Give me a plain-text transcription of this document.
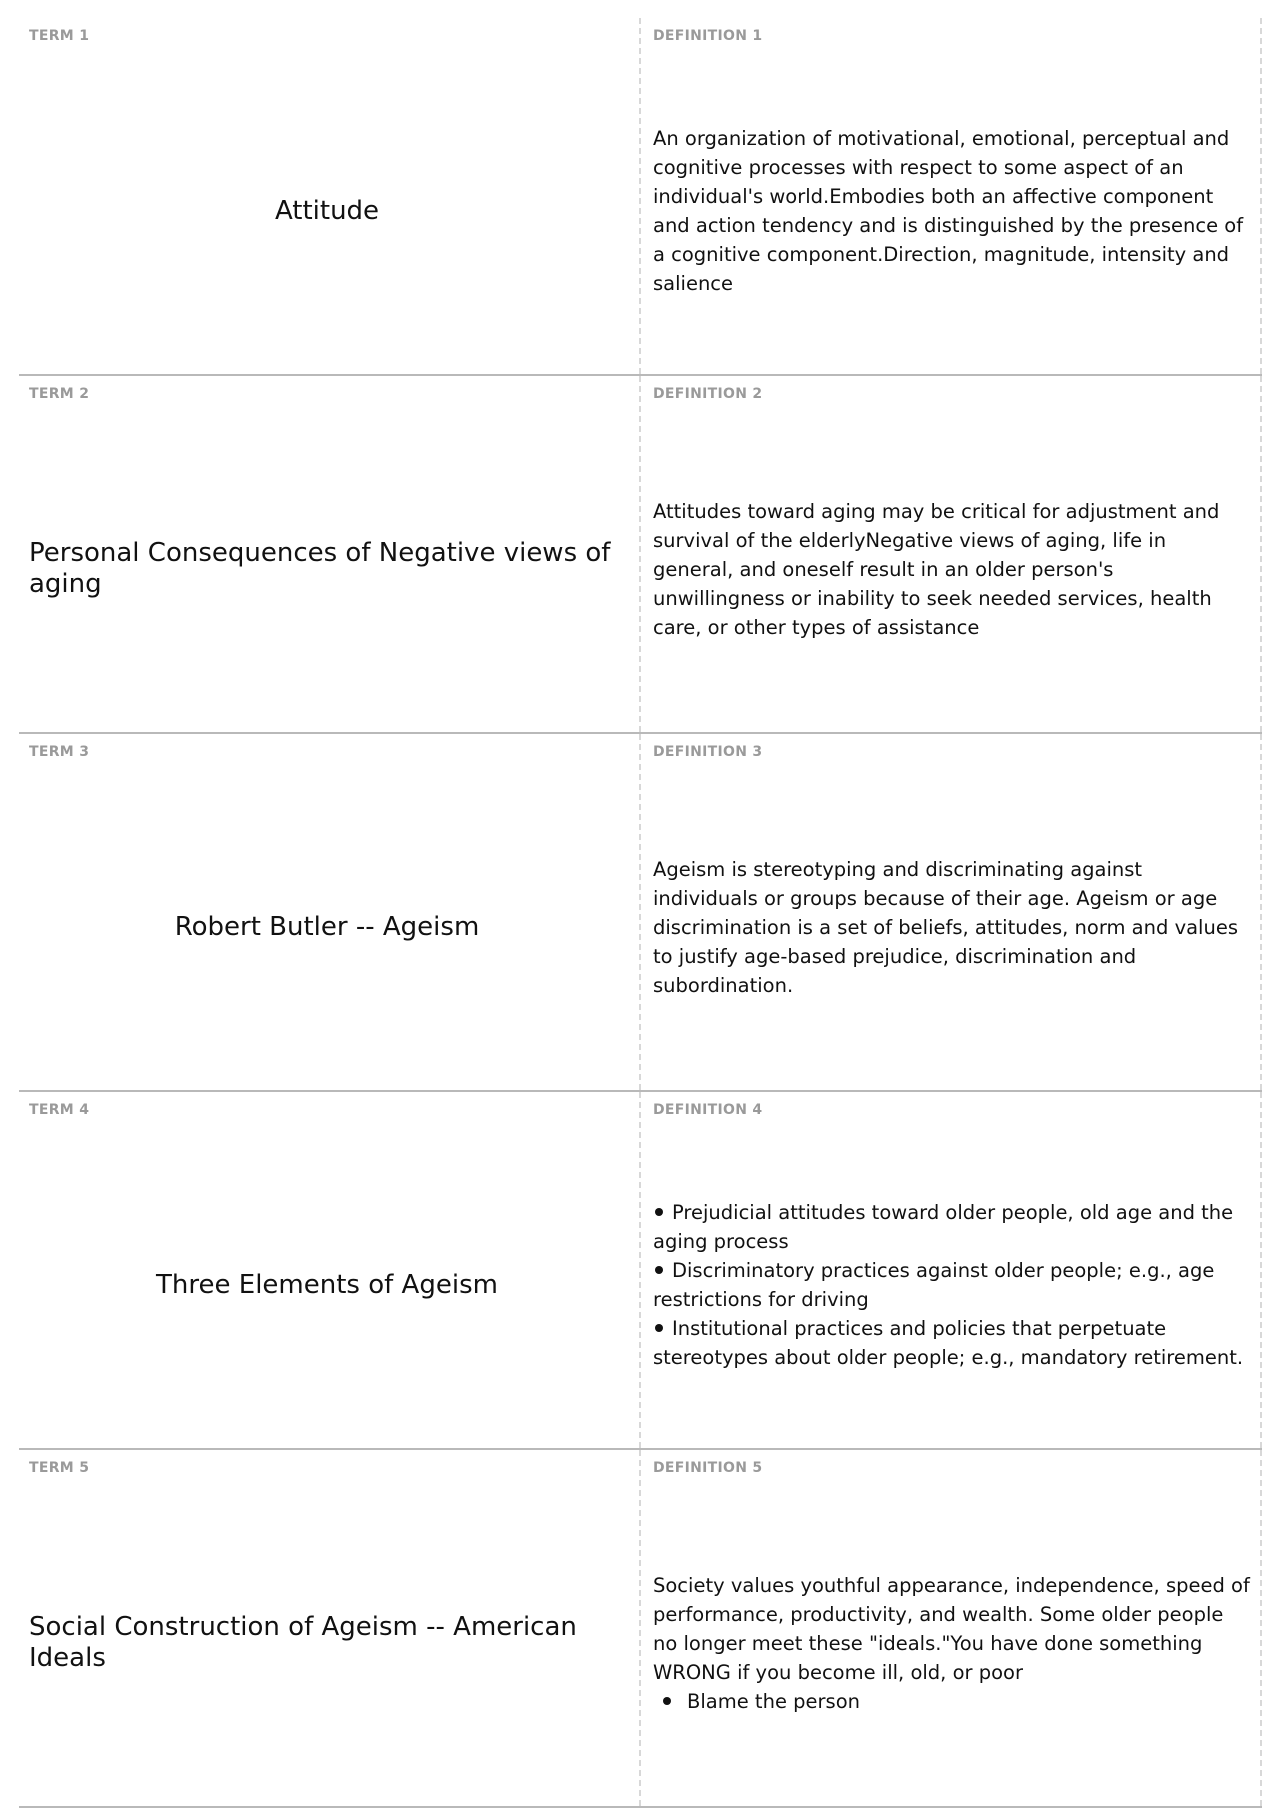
TERM 1
Attitude
DEFINITION 1
An organization of motivational, emotional, perceptual and cognitive processes with respect to some aspect of an individual's world.Embodies both an affective component and action tendency and is distinguished by the presence of a cognitive component.Direction, magnitude, intensity and salience
TERM 2
Personal Consequences of Negative views of aging
DEFINITION 2
Attitudes toward aging may be critical for adjustment and survival of the elderlyNegative views of aging, life in general, and oneself result in an older person's unwillingness or inability to seek needed services, health care, or other types of assistance
TERM 3
Robert Butler -- Ageism
DEFINITION 3
Ageism is stereotyping and discriminating against individuals or groups because of their age. Ageism or age discrimination is a set of beliefs, attitudes, norm and values to justify age-based prejudice, discrimination and subordination.
TERM 4
Three Elements of Ageism
DEFINITION 4
Prejudicial attitudes toward older people, old age and the aging process
Discriminatory practices against older people; e.g., age restrictions for driving
Institutional practices and policies that perpetuate stereotypes about older people; e.g., mandatory retirement.
TERM 5
Social Construction of Ageism -- American Ideals
DEFINITION 5
Society values youthful appearance, independence, speed of performance, productivity, and wealth. Some older people no longer meet these "ideals."You have done something WRONG if you become ill, old, or poor
Blame the person
